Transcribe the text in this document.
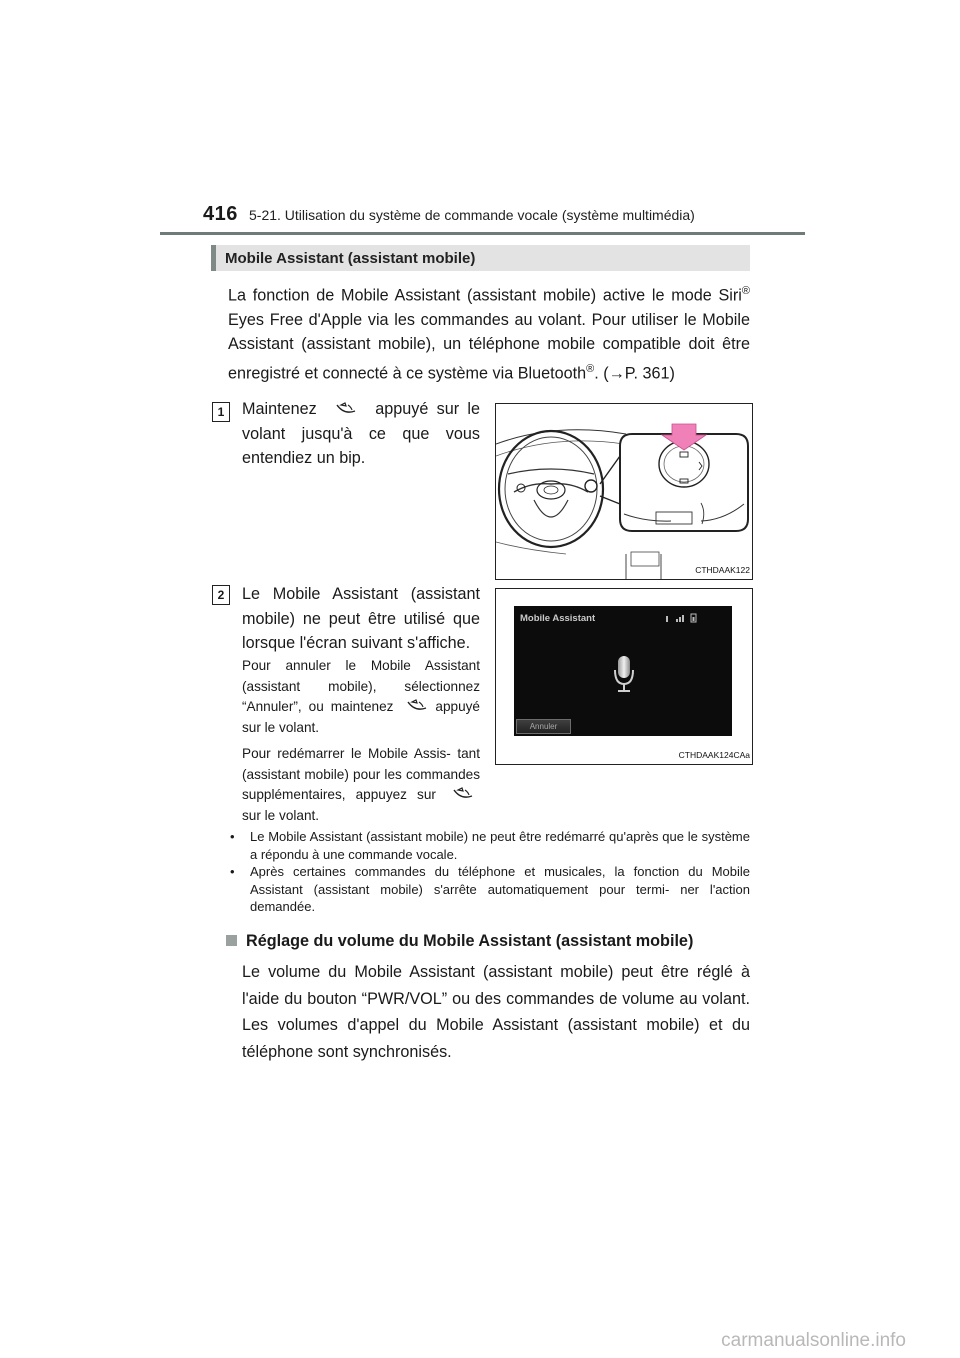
416 5-21. Utilisation du système de commande vocale (système multimédia)
Mobile Assistant (assistant mobile)
La fonction de Mobile Assistant (assistant mobile) active le mode Siri® Eyes Free d'Apple via les commandes au volant. Pour utiliser le Mobile Assistant (assistant mobile), un téléphone mobile compatible doit être enregistré et connecté à ce système via Bluetooth®. (→P. 361)
1	Maintenez	appuyé sur le volant jusqu'à ce que vous entendiez un bip.
CTHDAAK122
2	Le Mobile Assistant (assistant mobile) ne peut être utilisé que lorsque l'écran suivant s'affiche.
Pour annuler le Mobile Assistant (assistant mobile), sélectionnez “Annuler”, ou maintenez	appuyé sur le volant.
Pour redémarrer le Mobile Assis- tant (assistant mobile) pour les commandes supplémentaires, appuyez sur  sur le volant.
Mobile Assistant
Annuler
CTHDAAK124CAa

• Le Mobile Assistant (assistant mobile) ne peut être redémarré qu'après que le système a répondu à une commande vocale.

• Après certaines commandes du téléphone et musicales, la fonction du Mobile Assistant (assistant mobile) s'arrête automatiquement pour termi- ner l'action demandée.

Réglage du volume du Mobile Assistant (assistant mobile)
Le volume du Mobile Assistant (assistant mobile) peut être réglé à l'aide du bouton “PWR/VOL” ou des commandes de volume au volant. Les volumes d'appel du Mobile Assistant (assistant mobile) et du téléphone sont synchronisés.
carmanualsonline.info
